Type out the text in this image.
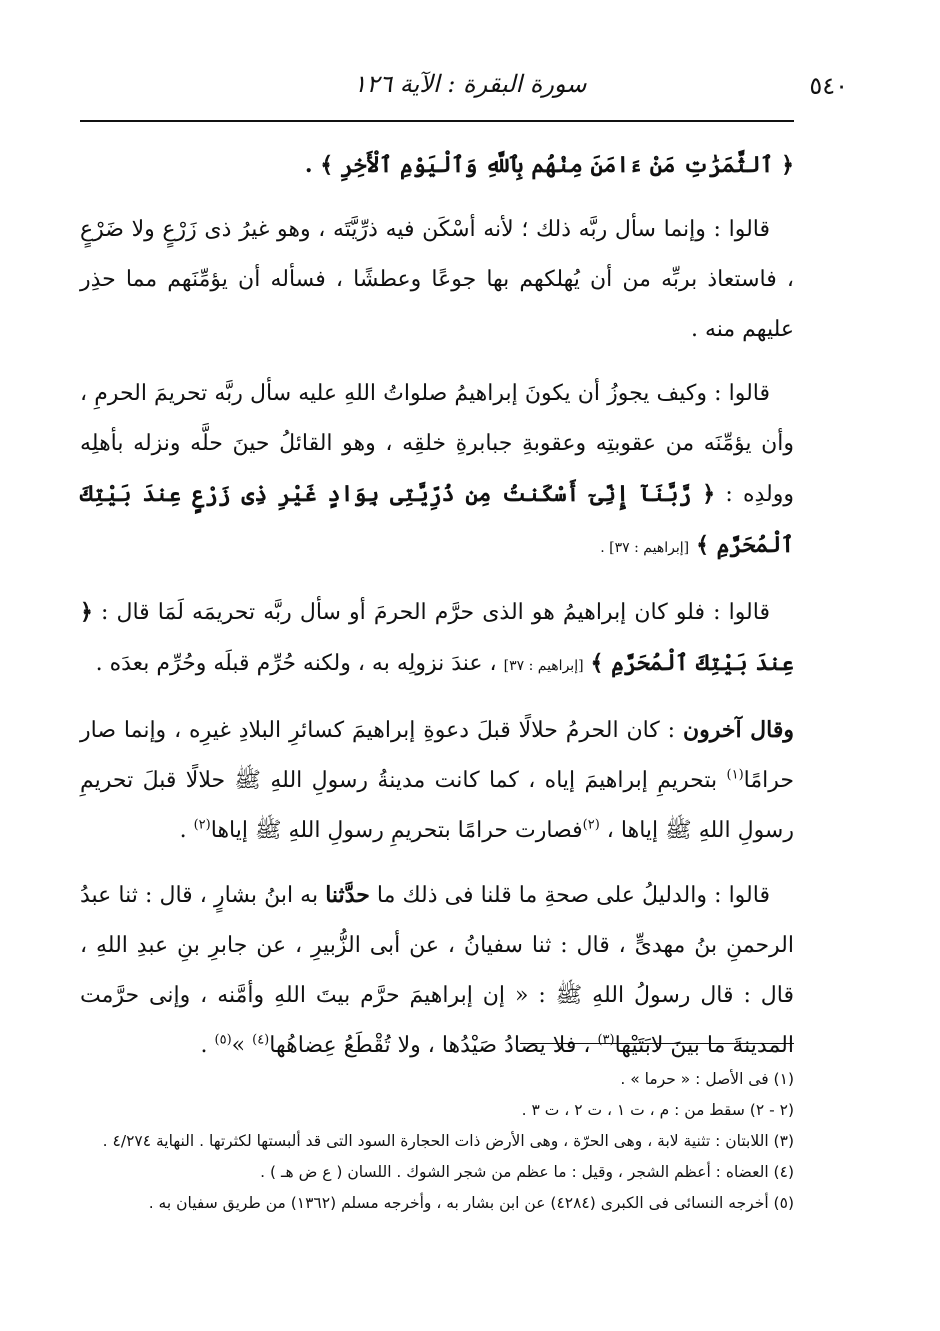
٥٤٠
سورة البقرة : الآية ١٢٦

﴿ ٱلثَّمَرَٰتِ مَنْ ءَامَنَ مِنْهُم بِٱللَّهِ وَٱلْيَوْمِ ٱلْأَخِرِ ﴾ .

قالوا : وإنما سأل ربَّه ذلك ؛ لأنه أسْكَن فيه ذرِّيَّتَه ، وهو غيرُ ذى زَرْعٍ ولا ضَرْعٍ ، فاستعاذ بربِّه من أن يُهلكهم بها جوعًا وعطشًا ، فسأله أن يؤمِّنَهم مما حذِر عليهم منه .

قالوا : وكيف يجوزُ أن يكونَ إبراهيمُ صلواتُ اللهِ عليه سأل ربَّه تحريمَ الحرمِ ، وأن يؤمِّنَه من عقوبتِه وعقوبةِ جبابرةِ خلقِه ، وهو القائلُ حينَ حلَّه ونزله بأهلِه وولدِه : ﴿ رَّبَّنَآ إِنِّىٓ أَسْكَنتُ مِن ذُرِّيَّتِى بِوَادٍ غَيْرِ ذِى زَرْعٍ عِندَ بَيْتِكَ ٱلْمُحَرَّمِ ﴾ [إبراهيم : ٣٧] .

قالوا : فلو كان إبراهيمُ هو الذى حرَّم الحرمَ أو سأل ربَّه تحريمَه لَمَا قال : ﴿ عِندَ بَيْتِكَ ٱلْمُحَرَّمِ ﴾ [إبراهيم : ٣٧] ، عندَ نزولِه به ، ولكنه حُرِّم قبلَه وحُرِّم بعدَه .

وقال آخرون : كان الحرمُ حلالًا قبلَ دعوةِ إبراهيمَ كسائرِ البلادِ غيرِه ، وإنما صار حرامًا$^{(١)}$ بتحريمِ إبراهيمَ إياه ، كما كانت مدينةُ رسولِ اللهِ ﷺ حلالًا قبلَ تحريمِ رسولِ اللهِ ﷺ إياها ، $^{(٢)}$فصارت حرامًا بتحريمِ رسولِ اللهِ ﷺ إياها$^{(٢)}$ .

قالوا : والدليلُ على صحةِ ما قلنا فى ذلك ما حدَّثنا به ابنُ بشارٍ ، قال : ثنا عبدُ الرحمنِ بنُ مهدىٍّ ، قال : ثنا سفيانُ ، عن أبى الزُّبيرِ ، عن جابرِ بنِ عبدِ اللهِ ، قال : قال رسولُ اللهِ ﷺ : « إن إبراهيمَ حرَّم بيتَ اللهِ وأمَّنه ، وإنى حرَّمت المدينةَ ما بينَ لابَتَيْها$^{(٣)}$ ، فلا يصادُ صَيْدُها ، ولا تُقْطَعُ عِضاهُها$^{(٤)}$ »$^{(٥)}$ .

(١) فى الأصل : « حرما » .
(٢ - ٢) سقط من : م ، ت ١ ، ت ٢ ، ت ٣ .
(٣) اللابتان : تثنية لابة ، وهى الحرّة ، وهى الأرض ذات الحجارة السود التى قد ألبستها لكثرتها . النهاية ٤/٢٧٤ .
(٤) العضاه : أعظم الشجر ، وقيل : ما عظم من شجر الشوك . اللسان ( ع ض هـ ) .
(٥) أخرجه النسائى فى الكبرى (٤٢٨٤) عن ابن بشار به ، وأخرجه مسلم (١٣٦٢) من طريق سفيان به .
